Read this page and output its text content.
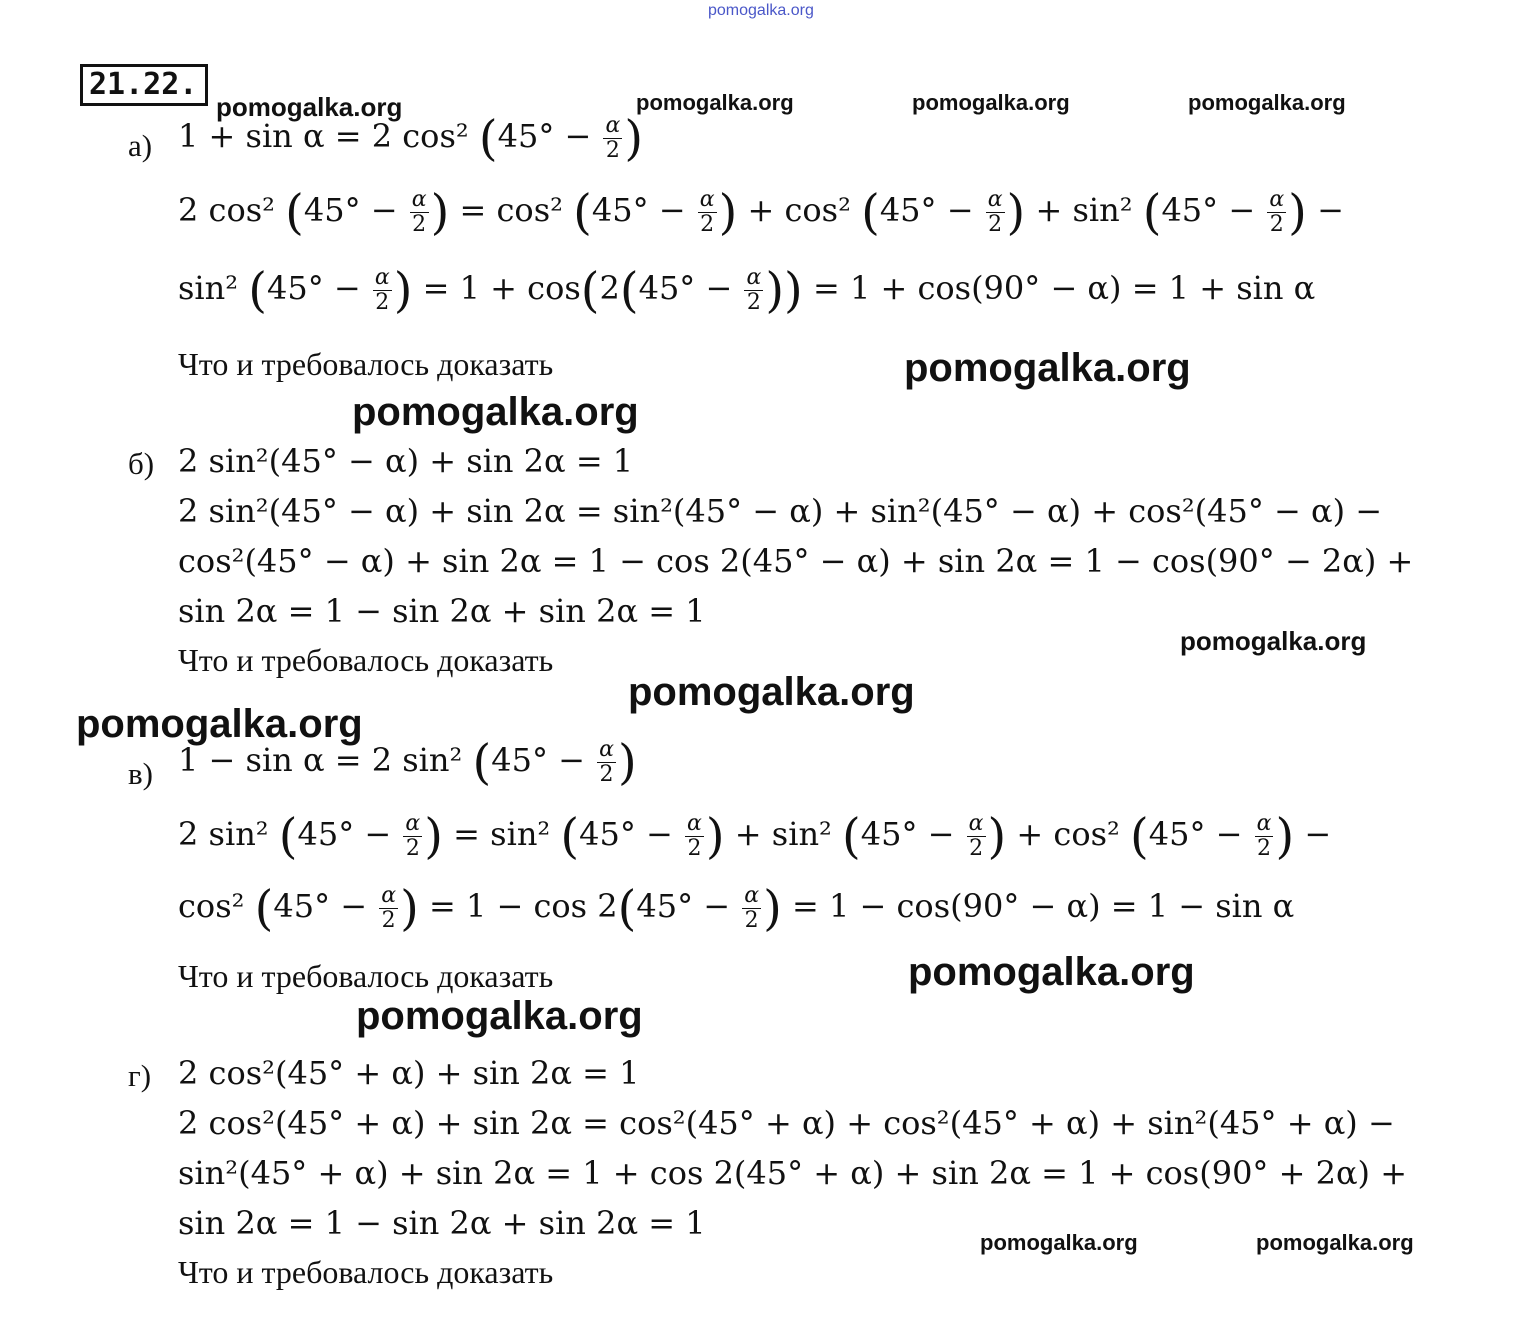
pomogalka.org
pomogalka.org	pomogalka.org	pomogalka.org	pomogalka.org
pomogalka.org
pomogalka.org
pomogalka.org
pomogalka.org
pomogalka.org
pomogalka.org
pomogalka.org
pomogalka.org	pomogalka.org
21.22.
а) 1 + sin α = 2 cos² ($45^\circ - \frac{\alpha}{2}$ )
2 cos² ($45^\circ - \frac{\alpha}{2}$ ) = cos² ($45^\circ - \frac{\alpha}{2}$ ) + cos² ($45^\circ - \frac{\alpha}{2}$ ) + sin² ($45^\circ - \frac{\alpha}{2}$ ) −
sin² ($45^\circ - \frac{\alpha}{2}$ ) = $1 + \cos(2(45^\circ - \frac{\alpha}{2}$ )) = 1 + cos(90° − α) = 1 + sin α
Что и требовалось доказать
б) 2 sin²(45° − α) + sin 2α = 1
2 sin²(45° − α) + sin 2α = sin²(45° − α) + sin²(45° − α) + cos²(45° − α) −
cos²(45° − α) + sin 2α = 1 − cos 2(45° − α) + sin 2α = 1 − cos(90° − 2α) +
sin 2α = 1 − sin 2α + sin 2α = 1
Что и требовалось доказать
в) 1 − sin α = 2 sin² ($45^\circ - \frac{\alpha}{2}$ )
2 sin² ($45^\circ - \frac{\alpha}{2}$ ) = sin² ($45^\circ - \frac{\alpha}{2}$ ) + sin² ($45^\circ - \frac{\alpha}{2}$ ) + cos² ($45^\circ - \frac{\alpha}{2}$ ) −
cos² ($45^\circ - \frac{\alpha}{2}$ ) = $1 - \cos 2(45^\circ - \frac{\alpha}{2}$ ) = 1 − cos(90° − α) = 1 − sin α
Что и требовалось доказать
г) 2 cos²(45° + α) + sin 2α = 1
2 cos²(45° + α) + sin 2α = cos²(45° + α) + cos²(45° + α) + sin²(45° + α) −
sin²(45° + α) + sin 2α = 1 + cos 2(45° + α) + sin 2α = 1 + cos(90° + 2α) +
sin 2α = 1 − sin 2α + sin 2α = 1
Что и требовалось доказать
